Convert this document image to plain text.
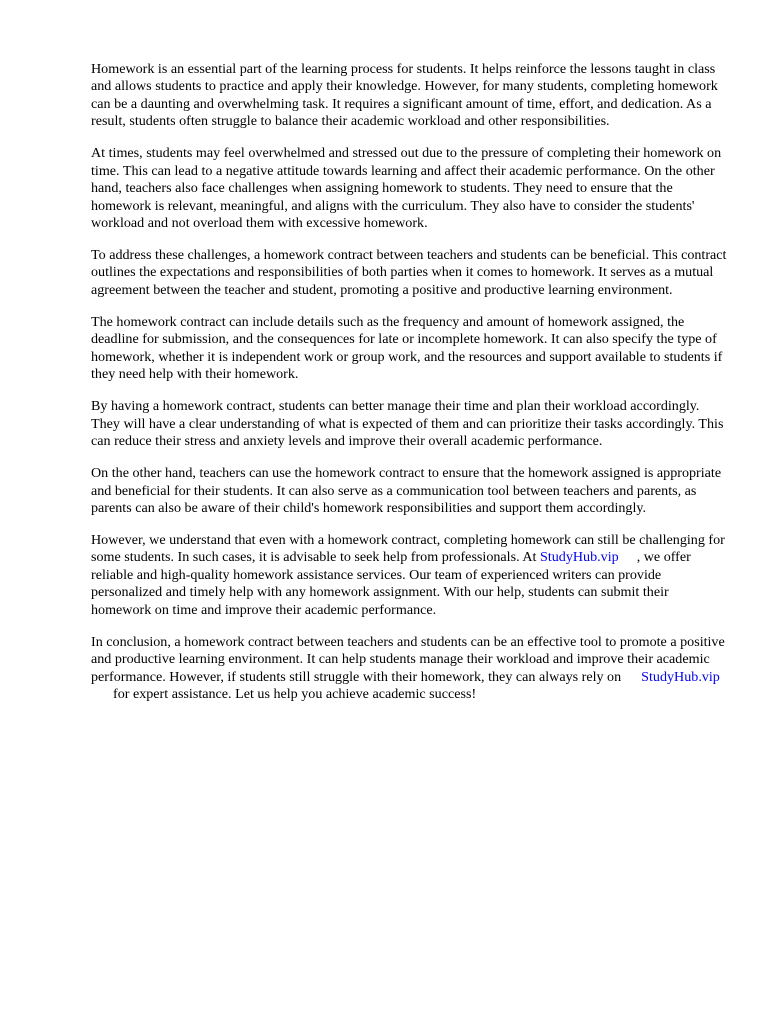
Homework is an essential part of the learning process for students. It helps reinforce the lessons taught in class and allows students to practice and apply their knowledge. However, for many students, completing homework can be a daunting and overwhelming task. It requires a significant amount of time, effort, and dedication. As a result, students often struggle to balance their academic workload and other responsibilities.

At times, students may feel overwhelmed and stressed out due to the pressure of completing their homework on time. This can lead to a negative attitude towards learning and affect their academic performance. On the other hand, teachers also face challenges when assigning homework to students. They need to ensure that the homework is relevant, meaningful, and aligns with the curriculum. They also have to consider the students' workload and not overload them with excessive homework.

To address these challenges, a homework contract between teachers and students can be beneficial. This contract outlines the expectations and responsibilities of both parties when it comes to homework. It serves as a mutual agreement between the teacher and student, promoting a positive and productive learning environment.

The homework contract can include details such as the frequency and amount of homework assigned, the deadline for submission, and the consequences for late or incomplete homework. It can also specify the type of homework, whether it is independent work or group work, and the resources and support available to students if they need help with their homework.

By having a homework contract, students can better manage their time and plan their workload accordingly. They will have a clear understanding of what is expected of them and can prioritize their tasks accordingly. This can reduce their stress and anxiety levels and improve their overall academic performance.

On the other hand, teachers can use the homework contract to ensure that the homework assigned is appropriate and beneficial for their students. It can also serve as a communication tool between teachers and parents, as parents can also be aware of their child's homework responsibilities and support them accordingly.

However, we understand that even with a homework contract, completing homework can still be challenging for some students. In such cases, it is advisable to seek help from professionals. At StudyHub.vip , we offer reliable and high-quality homework assistance services. Our team of experienced writers can provide personalized and timely help with any homework assignment. With our help, students can submit their homework on time and improve their academic performance.

In conclusion, a homework contract between teachers and students can be an effective tool to promote a positive and productive learning environment. It can help students manage their workload and improve their academic performance. However, if students still struggle with their homework, they can always rely on StudyHub.vipfor expert assistance. Let us help you achieve academic success!
